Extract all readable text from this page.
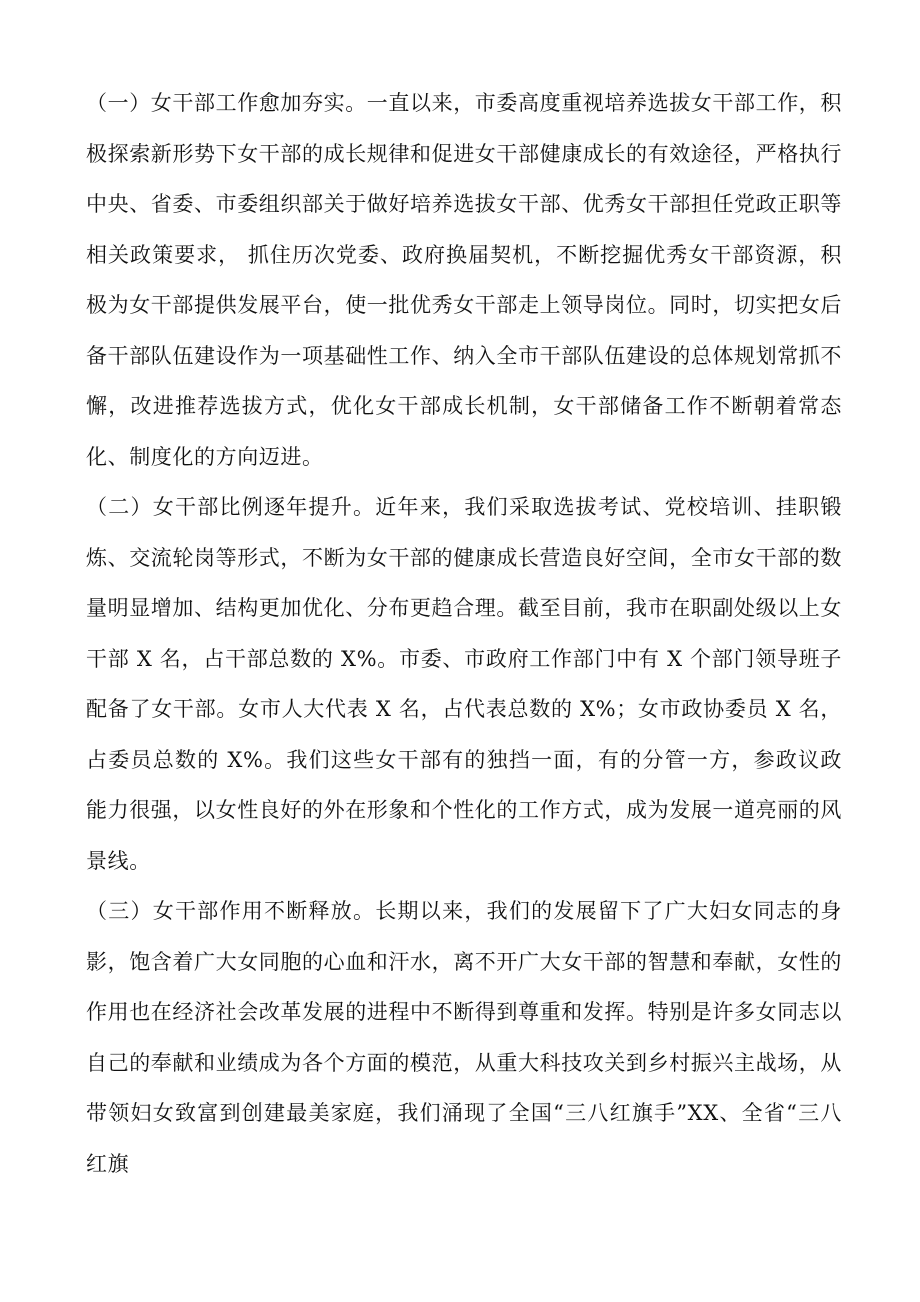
（一）女干部工作愈加夯实。一直以来，市委高度重视培养选拔女干部工作，积极探索新形势下女干部的成长规律和促进女干部健康成长的有效途径，严格执行中央、省委、市委组织部关于做好培养选拔女干部、优秀女干部担任党政正职等相关政策要求， 抓住历次党委、政府换届契机，不断挖掘优秀女干部资源，积极为女干部提供发展平台，使一批优秀女干部走上领导岗位。同时，切实把女后备干部队伍建设作为一项基础性工作、纳入全市干部队伍建设的总体规划常抓不懈，改进推荐选拔方式，优化女干部成长机制，女干部储备工作不断朝着常态化、制度化的方向迈进。

（二）女干部比例逐年提升。近年来，我们采取选拔考试、党校培训、挂职锻炼、交流轮岗等形式，不断为女干部的健康成长营造良好空间，全市女干部的数量明显增加、结构更加优化、分布更趋合理。截至目前，我市在职副处级以上女干部 X 名，占干部总数的 X%。市委、市政府工作部门中有 X 个部门领导班子配备了女干部。女市人大代表 X 名，占代表总数的 X%；女市政协委员 X 名，占委员总数的 X%。我们这些女干部有的独挡一面，有的分管一方，参政议政能力很强，以女性良好的外在形象和个性化的工作方式，成为发展一道亮丽的风景线。

（三）女干部作用不断释放。长期以来，我们的发展留下了广大妇女同志的身影，饱含着广大女同胞的心血和汗水，离不开广大女干部的智慧和奉献，女性的作用也在经济社会改革发展的进程中不断得到尊重和发挥。特别是许多女同志以自己的奉献和业绩成为各个方面的模范，从重大科技攻关到乡村振兴主战场，从带领妇女致富到创建最美家庭，我们涌现了全国“三八红旗手”XX、全省“三八红旗
